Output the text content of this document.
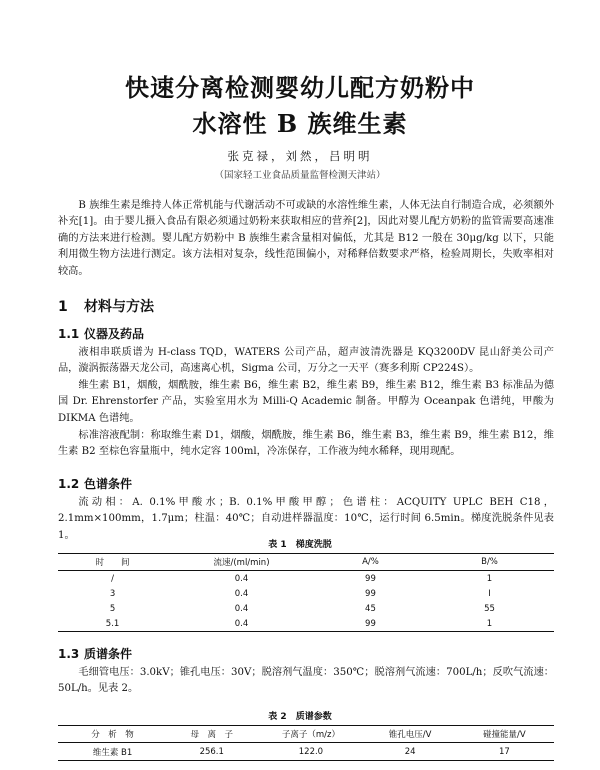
快速分离检测婴幼儿配方奶粉中
水溶性 B 族维生素
张克禄，刘然，吕明明
（国家轻工业食品质量监督检测天津站）
B 族维生素是维持人体正常机能与代谢活动不可或缺的水溶性维生素，人体无法自行制造合成，必须额外补充[1]。由于婴儿摄入食品有限必须通过奶粉来获取相应的营养[2]，因此对婴儿配方奶粉的监管需要高速准确的方法来进行检测。婴儿配方奶粉中 B 族维生素含量相对偏低，尤其是 B12 一般在 30μg/kg 以下，只能利用微生物方法进行测定。该方法相对复杂，线性范围偏小，对稀释倍数要求严格，检验周期长，失败率相对较高。
1 材料与方法
1.1 仪器及药品
液相串联质谱为 H-class TQD，WATERS 公司产品，超声波清洗器是 KQ3200DV 昆山舒美公司产品，漩涡振荡器天龙公司，高速离心机，Sigma 公司，万分之一天平（赛多利斯 CP224S）。
维生素 B1，烟酸，烟酰胺，维生素 B6，维生素 B2，维生素 B9，维生素 B12，维生素 B3 标准品为德国 Dr. Ehrenstorfer 产品，实验室用水为 Milli-Q Academic 制备。甲醇为 Oceanpak 色谱纯，甲酸为 DIKMA 色谱纯。
标准溶液配制：称取维生素 D1，烟酸，烟酰胺，维生素 B6，维生素 B3，维生素 B9，维生素 B12，维生素 B2 至棕色容量瓶中，纯水定容 100ml，冷冻保存，工作液为纯水稀释，现用现配。
1.2 色谱条件
流动相：A. 0.1%甲酸水；B. 0.1%甲酸甲醇；色谱柱：ACQUITY UPLC BEH C18，2.1mm×100mm，1.7μm；柱温：40℃；自动进样器温度：10℃，运行时间 6.5min。梯度洗脱条件见表 1。
表 1　梯度洗脱
时　　间	流速/(ml/min)	A/%	B/%
/	0.4	99	1
3	0.4	99	I
5	0.4	45	55
5.1	0.4	99	1
1.3 质谱条件
毛细管电压：3.0kV；锥孔电压：30V；脱溶剂气温度：350℃；脱溶剂气流速：700L/h；反吹气流速：50L/h。见表 2。
表 2　质谱参数
分　析　物	母　离　子	子离子（m/z）	锥孔电压/V	碰撞能量/V
维生素 B1	256.1	122.0	24	17
